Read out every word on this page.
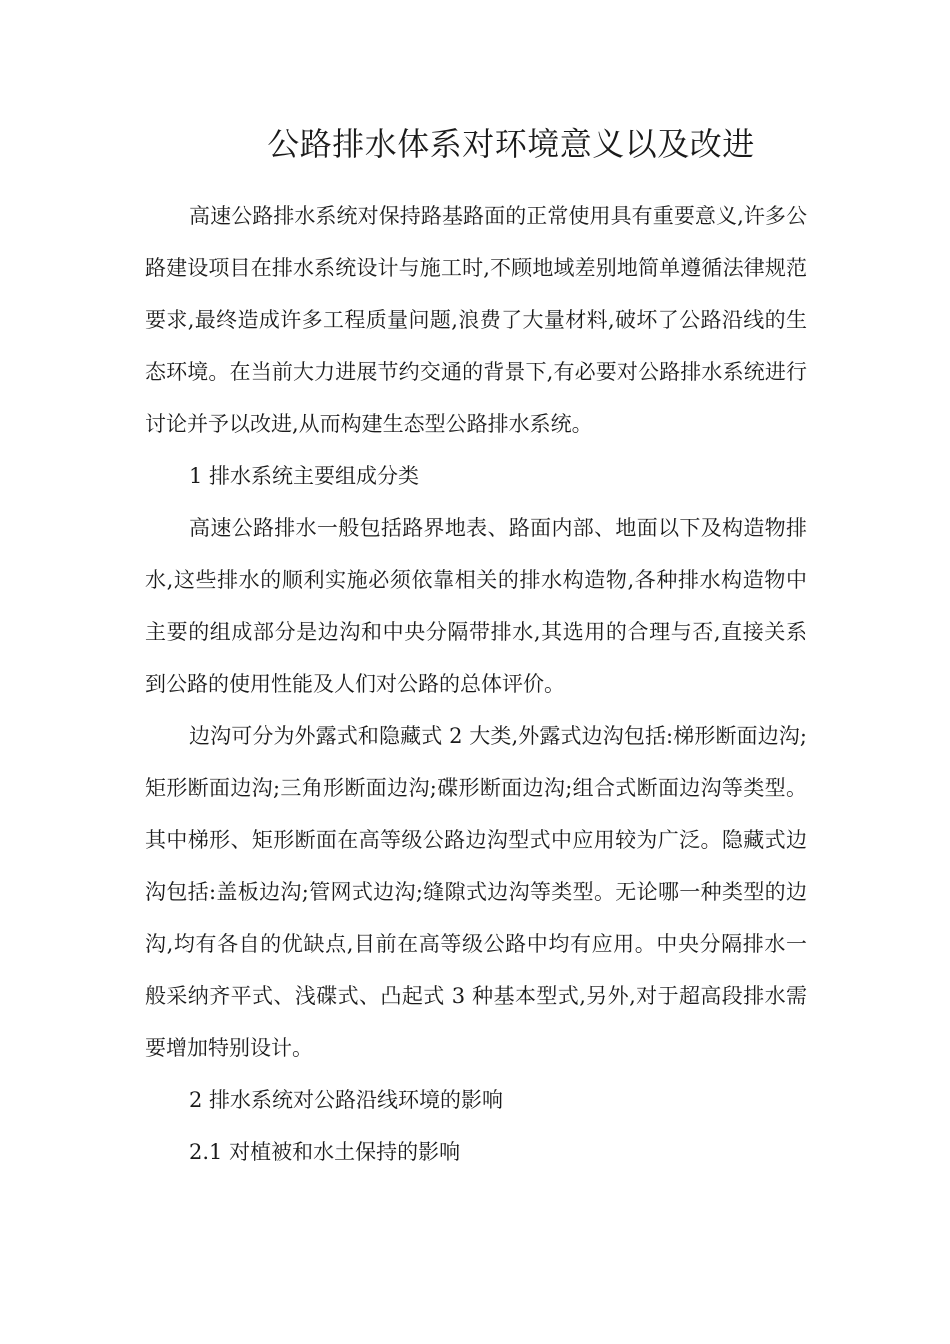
公路排水体系对环境意义以及改进

高速公路排水系统对保持路基路面的正常使用具有重要意义,许多公路建设项目在排水系统设计与施工时,不顾地域差别地简单遵循法律规范要求,最终造成许多工程质量问题,浪费了大量材料,破坏了公路沿线的生态环境。在当前大力进展节约交通的背景下,有必要对公路排水系统进行讨论并予以改进,从而构建生态型公路排水系统。

1 排水系统主要组成分类

高速公路排水一般包括路界地表、路面内部、地面以下及构造物排水,这些排水的顺利实施必须依靠相关的排水构造物,各种排水构造物中主要的组成部分是边沟和中央分隔带排水,其选用的合理与否,直接关系到公路的使用性能及人们对公路的总体评价。

边沟可分为外露式和隐藏式 2 大类,外露式边沟包括:梯形断面边沟;矩形断面边沟;三角形断面边沟;碟形断面边沟;组合式断面边沟等类型。其中梯形、矩形断面在高等级公路边沟型式中应用较为广泛。隐藏式边沟包括:盖板边沟;管网式边沟;缝隙式边沟等类型。无论哪一种类型的边沟,均有各自的优缺点,目前在高等级公路中均有应用。中央分隔排水一般采纳齐平式、浅碟式、凸起式 3 种基本型式,另外,对于超高段排水需要增加特别设计。

2 排水系统对公路沿线环境的影响

2.1 对植被和水土保持的影响
